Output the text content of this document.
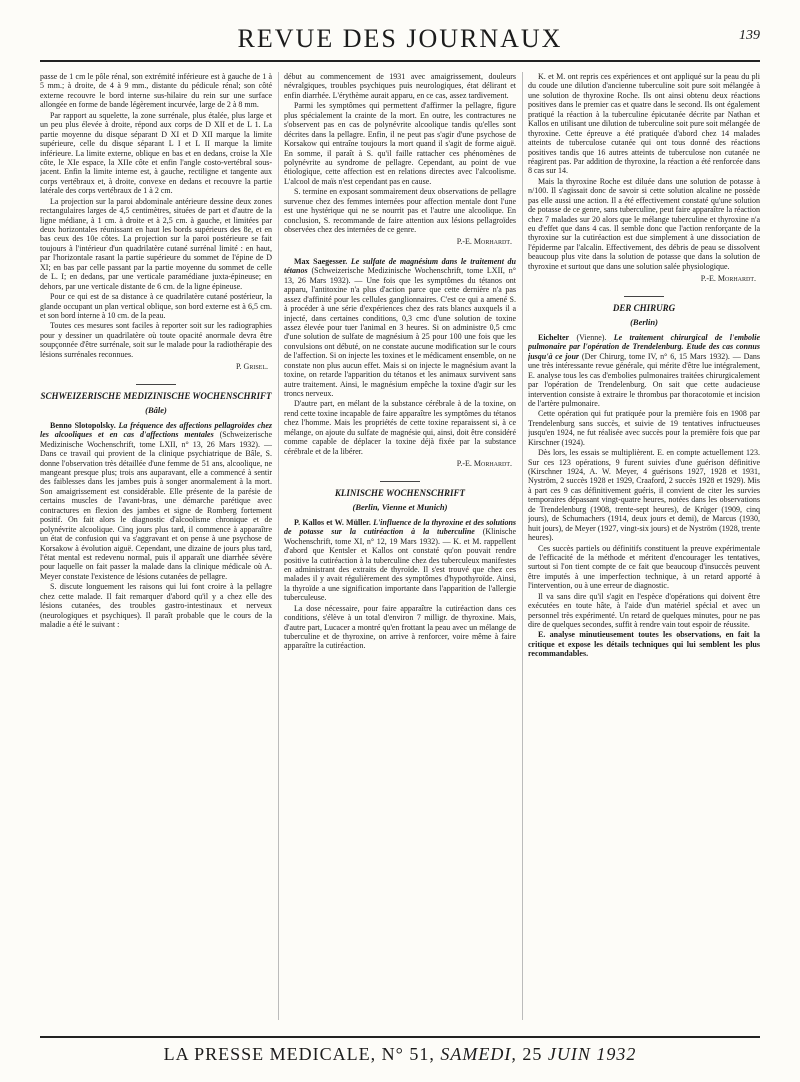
REVUE DES JOURNAUX	139

passe de 1 cm le pôle rénal, son extrémité inférieure est à gauche de 1 à 5 mm.; à droite, de 4 à 9 mm., distante du pédicule rénal; son côté externe recouvre le bord interne sus-hilaire du rein sur une surface allongée en forme de bande légèrement incurvée, large de 2 à 8 mm.

Par rapport au squelette, la zone surrénale, plus étalée, plus large et un peu plus élevée à droite, répond aux corps de D XII et de L 1. La partie moyenne du disque séparant D XI et D XII marque la limite supérieure, celle du disque séparant L I et L II marque la limite inférieure. La limite externe, oblique en bas et en dedans, croise la XIe côte, le XIe espace, la XIIe côte et enfin l'angle costo-vertébral sous-jacent. Enfin la limite interne est, à gauche, rectiligne et tangente aux corps vertébraux et, à droite, convexe en dedans et recouvre la partie latérale des corps vertébraux de 1 à 2 cm.

La projection sur la paroi abdominale antérieure dessine deux zones rectangulaires larges de 4,5 centimètres, situées de part et d'autre de la ligne médiane, à 1 cm. à droite et à 2,5 cm. à gauche, et limitées par deux horizontales réunissant en haut les bords supérieurs des 8e, et en bas ceux des 10e côtes. La projection sur la paroi postérieure se fait toujours à l'intérieur d'un quadrilatère cutané surrénal limité : en haut, par l'horizontale rasant la partie supérieure du sommet de l'épine de D XI; en bas par celle passant par la partie moyenne du sommet de celle de L. I; en dedans, par une verticale paramédiane juxta-épineuse; en dehors, par une verticale distante de 6 cm. de la ligne épineuse.

Pour ce qui est de sa distance à ce quadrilatère cutané postérieur, la glande occupant un plan vertical oblique, son bord externe est à 6,5 cm. et son bord interne à 10 cm. de la peau.

Toutes ces mesures sont faciles à reporter soit sur les radiographies pour y dessiner un quadrilatère où toute opacité anormale devra être soupçonnée d'être surrénale, soit sur le malade pour la radiothérapie des lésions surrénales reconnues.

P. Grisel.
SCHWEIZERISCHE MEDIZINISCHE WOCHENSCHRIFT
(Bâle)

Benno Slotopolsky. La fréquence des affections pellagroïdes chez les alcooliques et en cas d'affections mentales (Schweizerische Medizinische Wochenschrift, tome LXII, n° 13, 26 Mars 1932). — Dans ce travail qui provient de la clinique psychiatrique de Bâle, S. donne l'observation très détaillée d'une femme de 51 ans, alcoolique, ne mangeant presque plus; trois ans auparavant, elle a commencé à sentir des faiblesses dans les jambes puis à songer anormalement à la mort. Son amaigrissement est considérable. Elle présente de la parésie de certains muscles de l'avant-bras, une démarche parétique avec contractures en flexion des jambes et signe de Romberg fortement positif. On fait alors le diagnostic d'alcoolisme chronique et de polynévrite alcoolique. Cinq jours plus tard, il commence à apparaître un état de confusion qui va s'aggravant et on pense à une psychose de Korsakow à évolution aiguë. Cependant, une dizaine de jours plus tard, l'état mental est redevenu normal, puis il apparaît une diarrhée sévère pour laquelle on fait passer la malade dans la clinique médicale où A. Meyer constate l'existence de lésions cutanées de pellagre.

S. discute longuement les raisons qui lui font croire à la pellagre chez cette malade. Il fait remarquer d'abord qu'il y a chez elle des lésions cutanées, des troubles gastro-intestinaux et nerveux (neurologiques et psychiques). Il paraît probable que le cours de la maladie a été le suivant :

début au commencement de 1931 avec amaigrissement, douleurs névralgiques, troubles psychiques puis neurologiques, état délirant et enfin diarrhée. L'érythème aurait apparu, en ce cas, assez tardivement.

Parmi les symptômes qui permettent d'affirmer la pellagre, figure plus spécialement la crainte de la mort. En outre, les contractures ne s'observent pas en cas de polynévrite alcoolique tandis qu'elles sont décrites dans la pellagre. Enfin, il ne peut pas s'agir d'une psychose de Korsakow qui entraîne toujours la mort quand il s'agit de forme aiguë. En somme, il paraît à S. qu'il faille rattacher ces phénomènes de polynévrite au syndrome de pellagre. Cependant, au point de vue étiologique, cette affection est en relations directes avec l'alcoolisme. L'alcool de maïs n'est cependant pas en cause.

S. termine en exposant sommairement deux observations de pellagre survenue chez des femmes internées pour affection mentale dont l'une est une hystérique qui ne se nourrit pas et l'autre une alcoolique. En conclusion, S. recommande de faire attention aux lésions pellagroïdes observées chez des internées de ce genre.

P.-E. Morhardt.

Max Saegesser. Le sulfate de magnésium dans le traitement du tétanos (Schweizerische Medizinische Wochenschrift, tome LXII, n° 13, 26 Mars 1932). — Une fois que les symptômes du tétanos ont apparu, l'antitoxine n'a plus d'action parce que cette dernière n'a pas assez d'affinité pour les cellules ganglionnaires. C'est ce qui a amené S. à procéder à une série d'expériences chez des rats blancs auxquels il a injecté, dans certaines conditions, 0,3 cmc d'une solution de toxine assez élevée pour tuer l'animal en 3 heures. Si on administre 0,5 cmc d'une solution de sulfate de magnésium à 25 pour 100 une fois que les convulsions ont débuté, on ne constate aucune modification sur le cours de l'affection. Si on injecte les toxines et le médicament ensemble, on ne constate non plus aucun effet. Mais si on injecte le magnésium avant la toxine, on retarde l'apparition du tétanos et les animaux survivent sans autre traitement. Ainsi, le magnésium empêche la toxine d'agir sur les troncs nerveux.

D'autre part, en mélant de la substance cérébrale à de la toxine, on rend cette toxine incapable de faire apparaître les symptômes du tétanos chez l'homme. Mais les propriétés de cette toxine reparaissent si, à ce mélange, on ajoute du sulfate de magnésie qui, ainsi, doit être considéré comme capable de déplacer la toxine déjà fixée par la substance cérébrale et de la libérer.

P.-E. Morhardt.
KLINISCHE WOCHENSCHRIFT
(Berlin, Vienne et Munich)

P. Kallos et W. Müller. L'influence de la thyroxine et des solutions de potasse sur la cutiréaction à la tuberculine (Klinische Wochenschrift, tome XI, n° 12, 19 Mars 1932). — K. et M. rappellent d'abord que Kentsler et Kallos ont constaté qu'on pouvait rendre positive la cutiréaction à la tuberculine chez des tuberculeux manifestes en administrant des extraits de thyroïde. Il s'est trouvé que chez ces malades il y avait régulièrement des symptômes d'hypothyroïde. Ainsi, la thyroïde a une signification importante dans l'apparition de l'allergie tuberculeuse.

La dose nécessaire, pour faire apparaître la cutiréaction dans ces conditions, s'élève à un total d'environ 7 milligr. de thyroxine. Mais, d'autre part, Lucacer a montré qu'en frottant la peau avec un mélange de tuberculine et de thyroxine, on arrive à renforcer, voire même à faire apparaître la cutiréaction.

K. et M. ont repris ces expériences et ont appliqué sur la peau du pli du coude une dilution d'ancienne tuberculine soit pure soit mélangée à une solution de thyroxine Roche. Ils ont ainsi obtenu deux réactions positives dans le premier cas et quatre dans le second. Ils ont également pratiqué la réaction à la tuberculine épicutanée décrite par Nathan et Kallos en utilisant une dilution de tuberculine soit pure soit mélangée de thyroxine. Cette épreuve a été pratiquée d'abord chez 14 malades atteints de tuberculose cutanée qui ont tous donné des réactions positives tandis que 16 autres atteints de tuberculose non cutanée ne réagirent pas. Par addition de thyroxine, la réaction a été renforcée dans 8 cas sur 14.

Mais la thyroxine Roche est diluée dans une solution de potasse à n/100. Il s'agissait donc de savoir si cette solution alcaline ne possède pas elle aussi une action. Il a été effectivement constaté qu'une solution de potasse de ce genre, sans tuberculine, peut faire apparaître la réaction chez 7 malades sur 20 alors que le mélange tuberculine et thyroxine n'a eu d'effet que dans 4 cas. Il semble donc que l'action renforçante de la thyroxine sur la cutiréaction est due simplement à une dissociation de l'épiderme par l'alcalin. Effectivement, des débris de peau se dissolvent beaucoup plus vite dans la solution de potasse que dans la solution de thyroxine et surtout que dans une solution salée physiologique.

P.-E. Morhardt.
DER CHIRURG
(Berlin)

Eichelter (Vienne). Le traitement chirurgical de l'embolie pulmonaire par l'opération de Trendelenburg. Etude des cas connus jusqu'à ce jour (Der Chirurg, tome IV, n° 6, 15 Mars 1932). — Dans une très intéressante revue générale, qui mérite d'être lue intégralement, E. analyse tous les cas d'embolies pulmonaires traitées chirurgicalement par l'opération de Trendelenburg. On sait que cette audacieuse intervention consiste à extraire le thrombus par thoracotomie et incision de l'artère pulmonaire.

Cette opération qui fut pratiquée pour la première fois en 1908 par Trendelenburg sans succès, et suivie de 19 tentatives infructueuses jusqu'en 1924, ne fut réalisée avec succès pour la première fois que par Kirschner (1924).

Dès lors, les essais se multiplièrent. E. en compte actuellement 123. Sur ces 123 opérations, 9 furent suivies d'une guérison définitive (Kirschner 1924, A. W. Meyer, 4 guérisons 1927, 1928 et 1931, Nyström, 2 succès 1928 et 1929, Craaford, 2 succès 1928 et 1929). Mis à part ces 9 cas définitivement guéris, il convient de citer les survies temporaires dépassant vingt-quatre heures, notées dans les observations de Trendelenburg (1908, trente-sept heures), de Krüger (1909, cinq jours), de Schumachers (1914, deux jours et demi), de Marcus (1930, huit jours), de Meyer (1927, vingt-six jours) et de Nyström (1928, trente heures).

Ces succès partiels ou définitifs constituent la preuve expérimentale de l'efficacité de la méthode et méritent d'encourager les tentatives, surtout si l'on tient compte de ce fait que beaucoup d'insuccès peuvent être imputés à une imperfection technique, à un retard apporté à l'intervention, ou à une erreur de diagnostic.

Il va sans dire qu'il s'agit en l'espèce d'opérations qui doivent être exécutées en toute hâte, à l'aide d'un matériel spécial et avec un personnel très expérimenté. Un retard de quelques minutes, pour ne pas dire de quelques secondes, suffit à rendre vain tout espoir de réussite.

E. analyse minutieusement toutes les observations, en fait la critique et expose les détails techniques qui lui semblent les plus recommandables.

LA PRESSE MEDICALE, N° 51, SAMEDI, 25 JUIN 1932
